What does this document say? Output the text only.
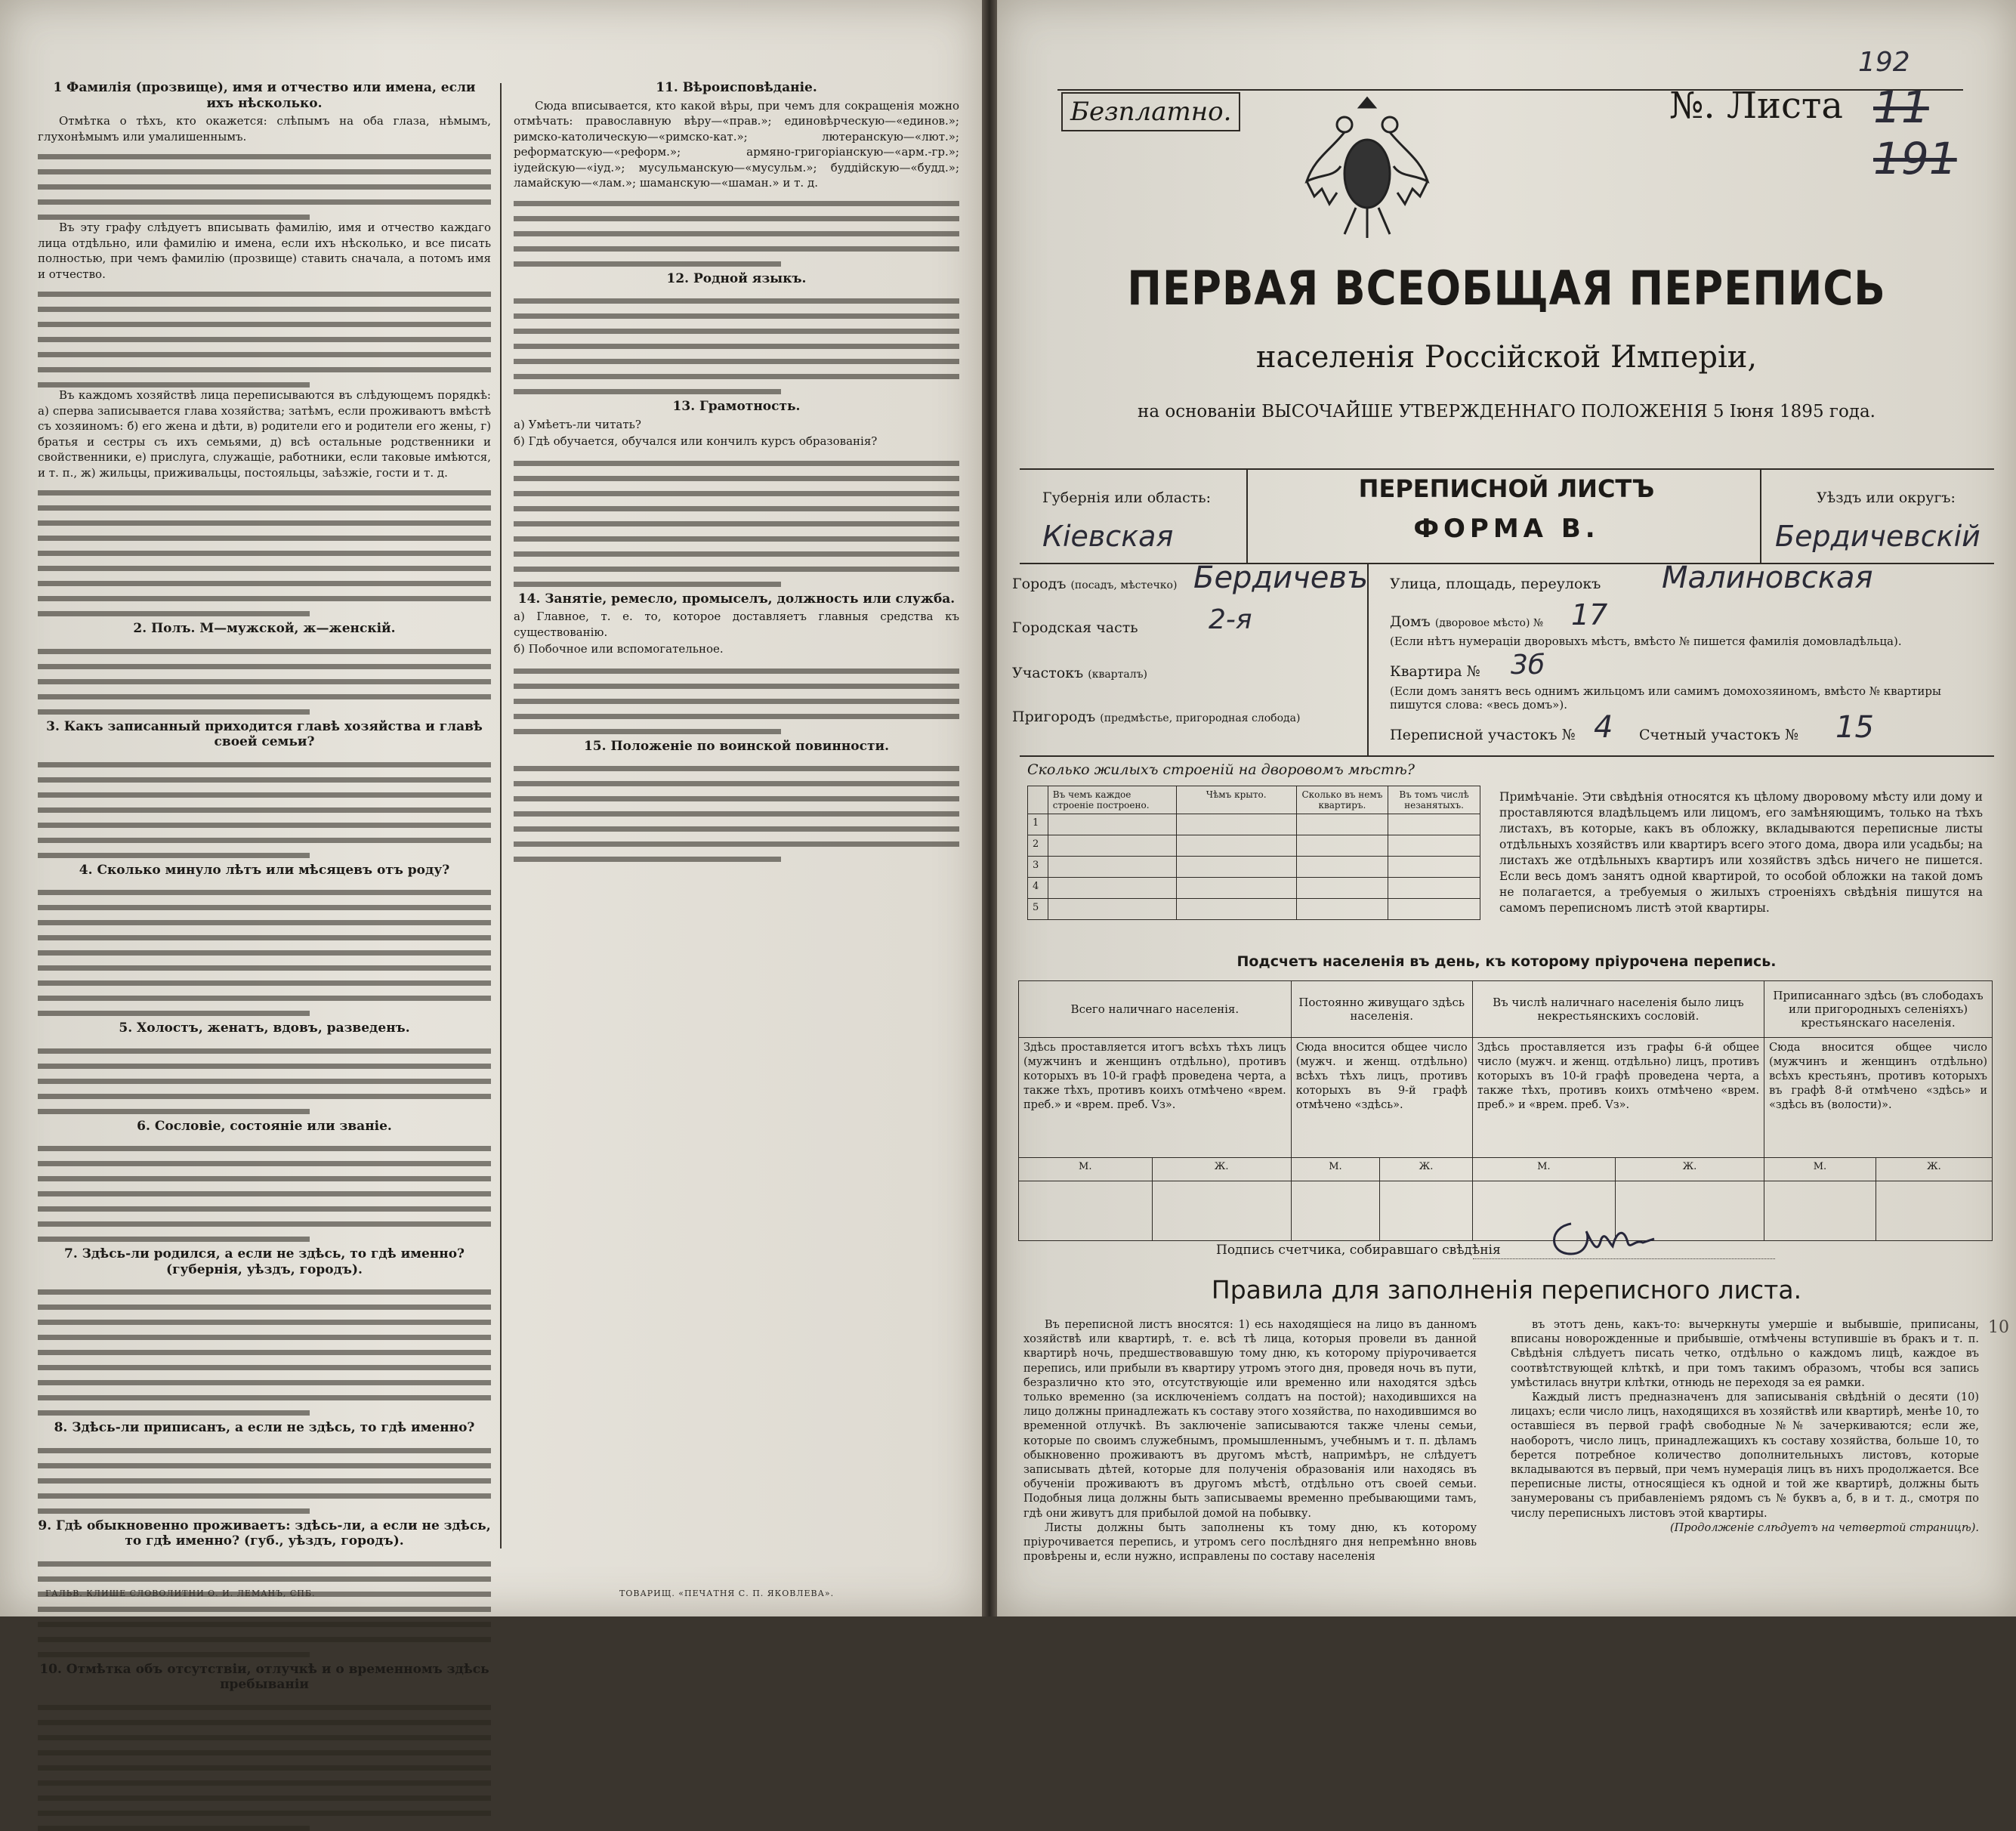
1 Фамилія (прозвище), имя и отчество или имена, если ихъ нѣсколько.
Отмѣтка о тѣхъ, кто окажется: слѣпымъ на оба глаза, нѣмымъ, глухонѣмымъ или умалишеннымъ.
Въ эту графу слѣдуетъ вписывать фамилію, имя и отчество каждаго лица отдѣльно, или фамилію и имена, если ихъ нѣсколько, и все писать полностью, при чемъ фамилію (прозвище) ставить сначала, а потомъ имя и отчество.
Въ каждомъ хозяйствѣ лица переписываются въ слѣдующемъ порядкѣ: а) сперва записывается глава хозяйства; затѣмъ, если проживаютъ вмѣстѣ съ хозяиномъ: б) его жена и дѣти, в) родители его и родители его жены, г) братья и сестры съ ихъ семьями, д) всѣ остальные родственники и свойственники, е) прислуга, служащіе, работники, если таковые имѣются, и т. п., ж) жильцы, приживальцы, постояльцы, заѣзжіе, гости и т. д.
2. Полъ. М—мужской, ж—женскій.
3. Какъ записанный приходится главѣ хозяйства и главѣ своей семьи?
4. Сколько минуло лѣтъ или мѣсяцевъ отъ роду?
5. Холостъ, женатъ, вдовъ, разведенъ.
6. Сословіе, состояніе или званіе.
7. Здѣсь-ли родился, а если не здѣсь, то гдѣ именно? (губернія, уѣздъ, городъ).
8. Здѣсь-ли приписанъ, а если не здѣсь, то гдѣ именно?
9. Гдѣ обыкновенно проживаетъ: здѣсь-ли, а если не здѣсь, то гдѣ именно? (губ., уѣздъ, городъ).
10. Отмѣтка объ отсутствіи, отлучкѣ и о временномъ здѣсь пребываніи
11. Вѣроисповѣданіе.
Сюда вписывается, кто какой вѣры, при чемъ для сокращенія можно отмѣчать: православную вѣру—«прав.»; единовѣрческую—«единов.»; римско-католическую—«римско-кат.»; лютеранскую—«лют.»; реформатскую—«реформ.»; армяно-григоріанскую—«арм.-гр.»; іудейскую—«іуд.»; мусульманскую—«мусульм.»; буддійскую—«будд.»; ламайскую—«лам.»; шаманскую—«шаман.» и т. д.
12. Родной языкъ.
13. Грамотность.
а) Умѣетъ-ли читать?
б) Гдѣ обучается, обучался или кончилъ курсъ образованія?
14. Занятіе, ремесло, промыселъ, должность или служба.
а) Главное, т. е. то, которое доставляетъ главныя средства къ существованію.
б) Побочное или вспомогательное.
15. Положеніе по воинской повинности.
ГАЛЬВ. КЛИШЕ СЛОВОЛИТНИ О. И. ЛЕМАНЪ, СПБ.	ТОВАРИЩ. «ПЕЧАТНЯ С. П. ЯКОВЛЕВА».
Безплатно.	№. Листа
192
11 191
ПЕРВАЯ ВСЕОБЩАЯ ПЕРЕПИСЬ
населенія Россійской Имперіи,
на основаніи ВЫСОЧАЙШЕ УТВЕРЖДЕННАГО ПОЛОЖЕНІЯ 5 Іюня 1895 года.
ПЕРЕПИСНОЙ ЛИСТЪ
ФОРМА В.
Губернія или область:
Кіевская
Уѣздъ или округъ:
Бердичевскій
Городъ (посадъ, мѣстечко) Бердичевъ
Городская часть	2-я
Участокъ (кварталъ)
Пригородъ (предмѣстье, пригородная слобода)
Улица, площадь, переулокъ Малиновская
Домъ (дворовое мѣсто) № 17
(Если нѣтъ нумераціи дворовыхъ мѣстъ, вмѣсто № пишется фамилія домовладѣльца).
Квартира № 3б
(Если домъ занятъ весь однимъ жильцомъ или самимъ домохозяиномъ, вмѣсто № квартиры пишутся слова: «весь домъ»).
Переписной участокъ № 4 Счетный участокъ № 15
Сколько жилыхъ строеній на дворовомъ мѣстѣ?
	Въ чемъ каждое строеніе построено.	Чѣмъ крыто.	Сколько въ немъ квартиръ.	Въ томъ числѣ незанятыхъ.
1				
2				
3				
4				
5				
Примѣчаніе. Эти свѣдѣнія относятся къ цѣлому дворовому мѣсту или дому и проставляются владѣльцемъ или лицомъ, его замѣняющимъ, только на тѣхъ листахъ, въ которые, какъ въ обложку, вкладываются переписные листы отдѣльныхъ хозяйствъ или квартиръ всего этого дома, двора или усадьбы; на листахъ же отдѣльныхъ квартиръ или хозяйствъ здѣсь ничего не пишется. Если весь домъ занятъ одной квартирой, то особой обложки на такой домъ не полагается, а требуемыя о жилыхъ строеніяхъ свѣдѣнія пишутся на самомъ переписномъ листѣ этой квартиры.
Подсчетъ населенія въ день, къ которому пріурочена перепись.
Всего наличнаго населенія.		Постоянно живущаго здѣсь населенія.		Въ числѣ наличнаго населенія было лицъ некрестьянскихъ сословій.		Приписаннаго здѣсь (въ слободахъ или пригородныхъ селеніяхъ) крестьянскаго населенія.	
Здѣсь проставляется итогъ всѣхъ тѣхъ лицъ (мужчинъ и женщинъ отдѣльно), противъ которыхъ въ 10-й графѣ проведена черта, а также тѣхъ, противъ коихъ отмѣчено «врем. преб.» и «врем. преб. Vз».		Сюда вносится общее число (мужч. и женщ. отдѣльно) всѣхъ тѣхъ лицъ, противъ которыхъ въ 9-й графѣ отмѣчено «здѣсь».		Здѣсь проставляется изъ графы 6-й общее число (мужч. и женщ. отдѣльно) лицъ, противъ которыхъ въ 10-й графѣ проведена черта, а также тѣхъ, противъ коихъ отмѣчено «врем. преб.» и «врем. преб. Vз».		Сюда вносится общее число (мужчинъ и женщинъ отдѣльно) всѣхъ крестьянъ, противъ которыхъ въ графѣ 8-й отмѣчено «здѣсь» и «здѣсь въ (волости)».	
М.	Ж.	М.	Ж.	М.	Ж.	М.	Ж.

Подпись счетчика, собиравшаго свѣдѣнія
Правила для заполненія переписного листа.
Въ переписной листъ вносятся: 1) есь находящіеся на лицо въ данномъ хозяйствѣ или квартирѣ, т. е. всѣ тѣ лица, которыя провели въ данной квартирѣ ночь, предшествовавшую тому дню, къ которому пріурочивается перепись, или прибыли въ квартиру утромъ этого дня, проведя ночь въ пути, безразлично кто это, отсутствующіе или временно или находятся здѣсь только временно (за исключеніемъ солдатъ на постой); находившихся на лицо должны принадлежать къ составу этого хозяйства, по находившимся во временной отлучкѣ. Въ заключеніе записываются также члены семьи, которые по своимъ служебнымъ, промышленнымъ, учебнымъ и т. п. дѣламъ обыкновенно проживаютъ въ другомъ мѣстѣ, напримѣръ, не слѣдуетъ записывать дѣтей, которые для полученія образованія или находясь въ обученіи проживаютъ въ другомъ мѣстѣ, отдѣльно отъ своей семьи. Подобныя лица должны быть записываемы временно пребывающими тамъ, гдѣ они живутъ для прибылой домой на побывку.
Листы должны быть заполнены къ тому дню, къ которому пріурочивается перепись, и утромъ сего послѣдняго дня непремѣнно вновь провѣрены и, если нужно, исправлены по составу населенія
въ этотъ день, какъ-то: вычеркнуты умершіе и выбывшіе, приписаны, вписаны новорожденные и прибывшіе, отмѣчены вступившіе въ бракъ и т. п. Свѣдѣнія слѣдуетъ писать четко, отдѣльно о каждомъ лицѣ, каждое въ соотвѣтствующей клѣткѣ, и при томъ такимъ образомъ, чтобы вся запись умѣстилась внутри клѣтки, отнюдь не переходя за ея рамки.
Каждый листъ предназначенъ для записыванія свѣдѣній о десяти (10) лицахъ; если число лицъ, находящихся въ хозяйствѣ или квартирѣ, менѣе 10, то оставшіеся въ первой графѣ свободные №№ зачеркиваются; если же, наоборотъ, число лицъ, принадлежащихъ къ составу хозяйства, больше 10, то берется потребное количество дополнительныхъ листовъ, которые вкладываются въ первый, при чемъ нумерація лицъ въ нихъ продолжается. Все переписные листы, относящіеся къ одной и той же квартирѣ, должны быть занумерованы съ прибавленіемъ рядомъ съ № буквъ а, б, в и т. д., смотря по числу переписныхъ листовъ этой квартиры.
(Продолженіе слѣдуетъ на четвертой страницѣ).
10
